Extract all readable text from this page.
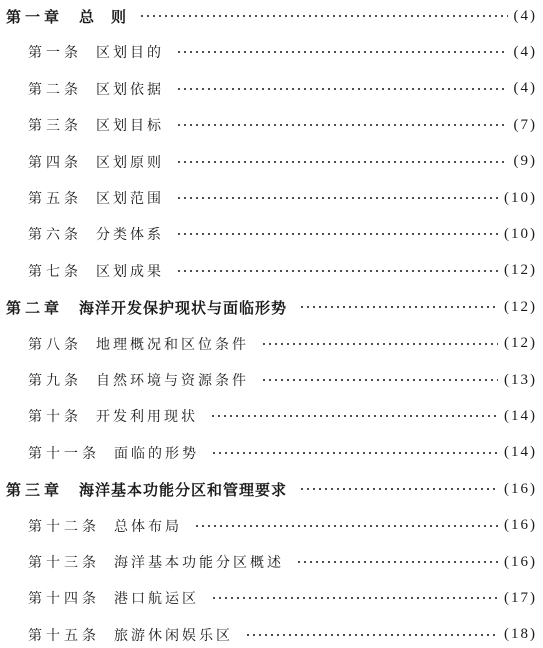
第一章 总　则	(4)
第一条 区划目的	(4)
第二条 区划依据	(4)
第三条 区划目标	(7)
第四条 区划原则	(9)
第五条 区划范围	(10)
第六条 分类体系	(10)
第七条 区划成果	(12)
第二章 海洋开发保护现状与面临形势	(12)
第八条 地理概况和区位条件	(12)
第九条 自然环境与资源条件	(13)
第十条 开发利用现状	(14)
第十一条 面临的形势	(14)
第三章 海洋基本功能分区和管理要求	(16)
第十二条 总体布局	(16)
第十三条 海洋基本功能分区概述	(16)
第十四条 港口航运区	(17)
第十五条 旅游休闲娱乐区	(18)
